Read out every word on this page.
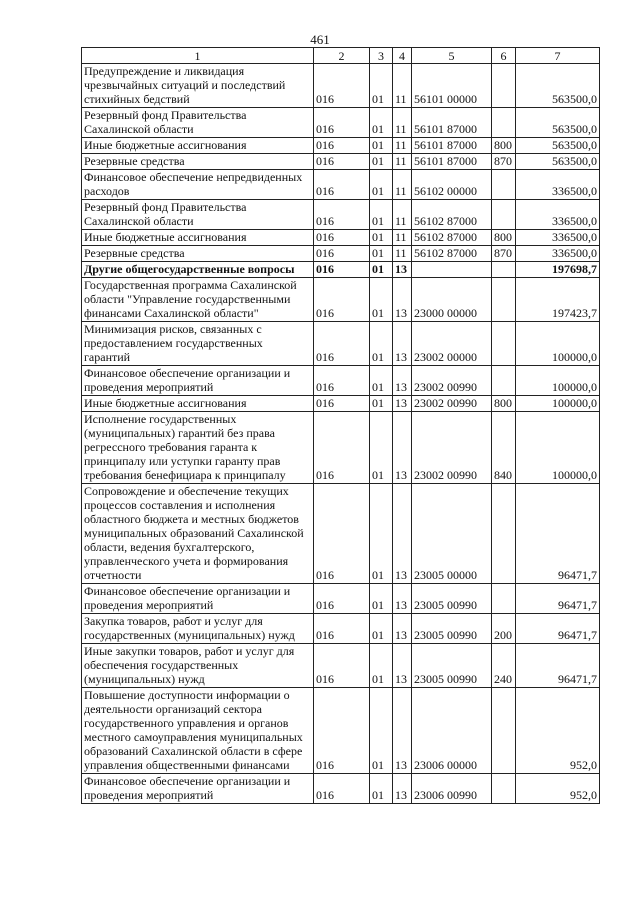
461
1	2	3	4	5	6	7
Предупреждение и ликвидация чрезвычайных ситуаций и последствий стихийных бедствий	016	01	11	56101 00000		563500,0
Резервный фонд Правительства Сахалинской области	016	01	11	56101 87000		563500,0
Иные бюджетные ассигнования	016	01	11	56101 87000	800	563500,0
Резервные средства	016	01	11	56101 87000	870	563500,0
Финансовое обеспечение непредвиденных расходов	016	01	11	56102 00000		336500,0
Резервный фонд Правительства Сахалинской области	016	01	11	56102 87000		336500,0
Иные бюджетные ассигнования	016	01	11	56102 87000	800	336500,0
Резервные средства	016	01	11	56102 87000	870	336500,0
Другие общегосударственные вопросы	016	01	13			197698,7
Государственная программа Сахалинской области "Управление государственными финансами Сахалинской области"	016	01	13	23000 00000		197423,7
Минимизация рисков, связанных с предоставлением государственных гарантий	016	01	13	23002 00000		100000,0
Финансовое обеспечение организации и проведения мероприятий	016	01	13	23002 00990		100000,0
Иные бюджетные ассигнования	016	01	13	23002 00990	800	100000,0
Исполнение государственных (муниципальных) гарантий без права регрессного требования гаранта к принципалу или уступки гаранту прав требования бенефициара к принципалу	016	01	13	23002 00990	840	100000,0
Сопровождение и обеспечение текущих процессов составления и исполнения областного бюджета и местных бюджетов муниципальных образований Сахалинской области, ведения бухгалтерского, управленческого учета и формирования отчетности	016	01	13	23005 00000		96471,7
Финансовое обеспечение организации и проведения мероприятий	016	01	13	23005 00990		96471,7
Закупка товаров, работ и услуг для государственных (муниципальных) нужд	016	01	13	23005 00990	200	96471,7
Иные закупки товаров, работ и услуг для обеспечения государственных (муниципальных) нужд	016	01	13	23005 00990	240	96471,7
Повышение доступности информации о деятельности организаций сектора государственного управления и органов местного самоуправления муниципальных образований Сахалинской области в сфере управления общественными финансами	016	01	13	23006 00000		952,0
Финансовое обеспечение организации и проведения мероприятий	016	01	13	23006 00990		952,0
